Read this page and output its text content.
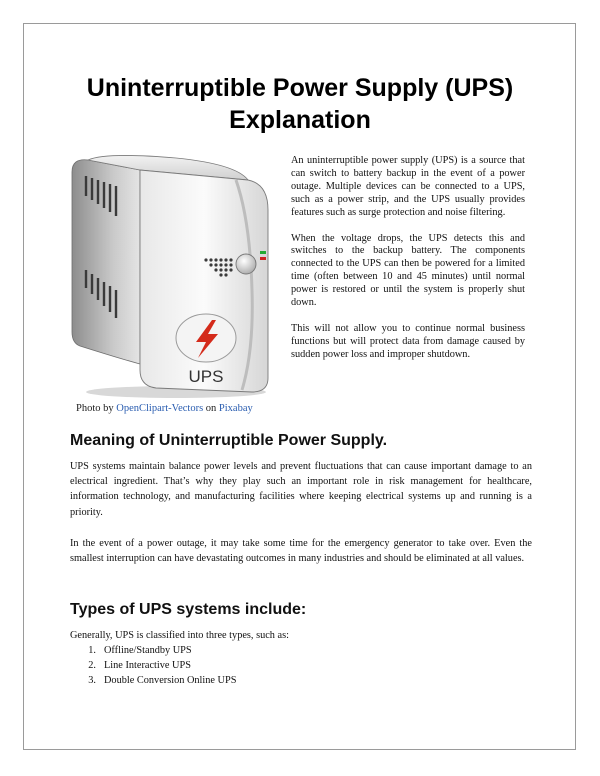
Uninterruptible Power Supply (UPS)
Explanation
UPS
Photo by OpenClipart-Vectors on Pixabay

An uninterruptible power supply (UPS) is a source that can switch to battery backup in the event of a power outage. Multiple devices can be connected to a UPS, such as a power strip, and the UPS usually provides features such as surge protection and noise filtering.

When the voltage drops, the UPS detects this and switches to the backup battery. The components connected to the UPS can then be powered for a limited time (often between 10 and 45 minutes) until normal power is restored or until the system is properly shut down.

This will not allow you to continue normal business functions but will protect data from damage caused by sudden power loss and improper shutdown.

Meaning of Uninterruptible Power Supply.

UPS systems maintain balance power levels and prevent fluctuations that can cause important damage to an electrical ingredient. That’s why they play such an important role in risk management for healthcare, information technology, and manufacturing facilities where keeping electrical systems up and running is a priority.

In the event of a power outage, it may take some time for the emergency generator to take over. Even the smallest interruption can have devastating outcomes in many industries and should be eliminated at all values.

Types of UPS systems include:

Generally, UPS is classified into three types, such as:

1. Offline/Standby UPS
2. Line Interactive UPS
3. Double Conversion Online UPS
